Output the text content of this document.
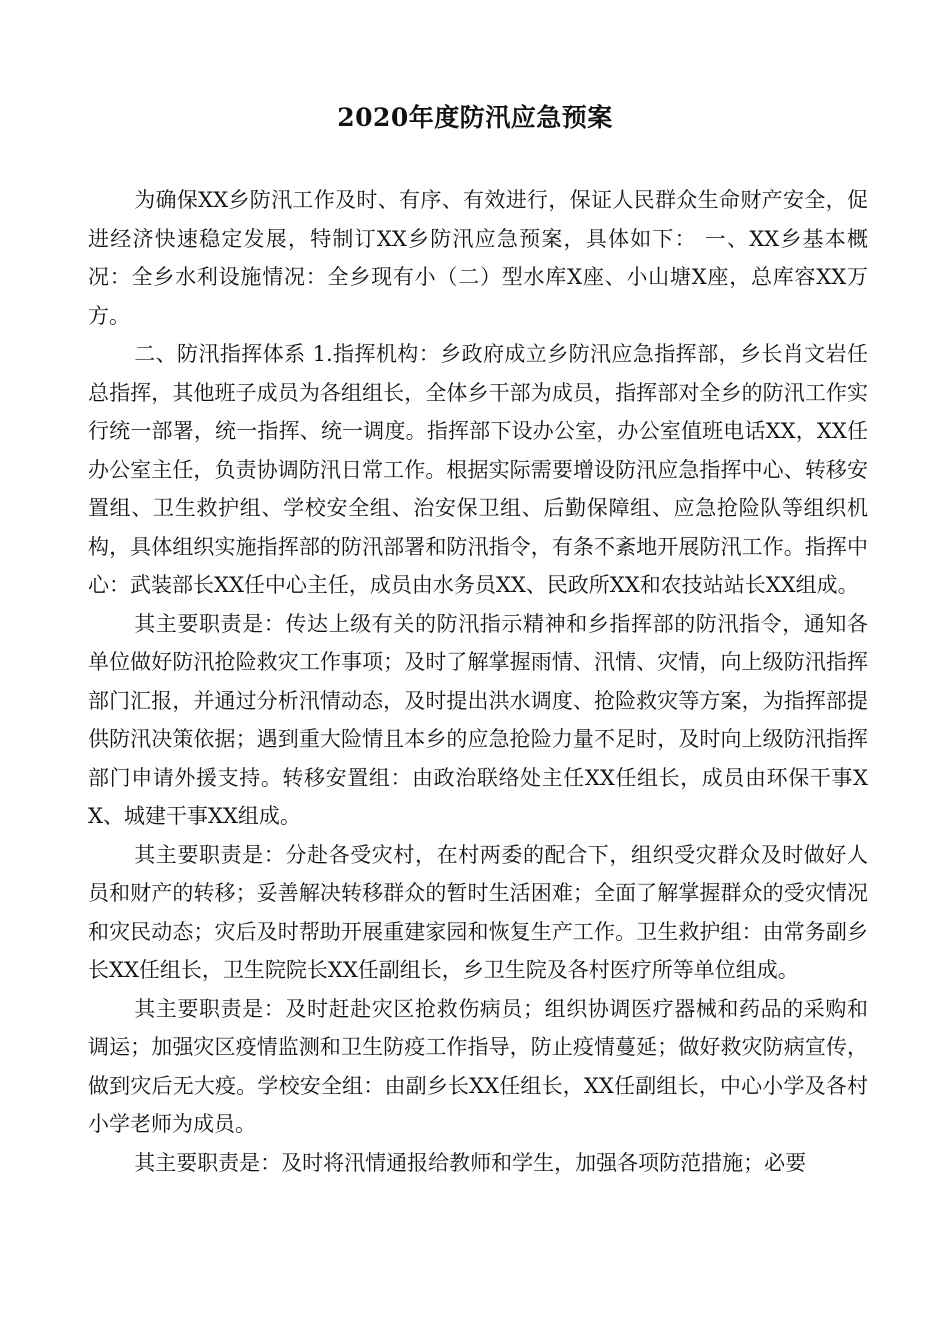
2020年度防汛应急预案

为确保XX乡防汛工作及时、有序、有效进行，保证人民群众生命财产安全，促进经济快速稳定发展，特制订XX乡防汛应急预案，具体如下： 一、XX乡基本概况：全乡水利设施情况：全乡现有小（二）型水库X座、小山塘X座，总库容XX万方。

二、防汛指挥体系 1.指挥机构：乡政府成立乡防汛应急指挥部，乡长肖文岩任总指挥，其他班子成员为各组组长，全体乡干部为成员，指挥部对全乡的防汛工作实行统一部署，统一指挥、统一调度。指挥部下设办公室，办公室值班电话XX，XX任办公室主任，负责协调防汛日常工作。根据实际需要增设防汛应急指挥中心、转移安置组、卫生救护组、学校安全组、治安保卫组、后勤保障组、应急抢险队等组织机构，具体组织实施指挥部的防汛部署和防汛指令，有条不紊地开展防汛工作。指挥中心：武装部长XX任中心主任，成员由水务员XX、民政所XX和农技站站长XX组成。

其主要职责是：传达上级有关的防汛指示精神和乡指挥部的防汛指令，通知各单位做好防汛抢险救灾工作事项；及时了解掌握雨情、汛情、灾情，向上级防汛指挥部门汇报，并通过分析汛情动态，及时提出洪水调度、抢险救灾等方案，为指挥部提供防汛决策依据；遇到重大险情且本乡的应急抢险力量不足时，及时向上级防汛指挥部门申请外援支持。转移安置组：由政治联络处主任XX任组长，成员由环保干事XX、城建干事XX组成。

其主要职责是：分赴各受灾村，在村两委的配合下，组织受灾群众及时做好人员和财产的转移；妥善解决转移群众的暂时生活困难；全面了解掌握群众的受灾情况和灾民动态；灾后及时帮助开展重建家园和恢复生产工作。卫生救护组：由常务副乡长XX任组长，卫生院院长XX任副组长，乡卫生院及各村医疗所等单位组成。

其主要职责是：及时赶赴灾区抢救伤病员；组织协调医疗器械和药品的采购和调运；加强灾区疫情监测和卫生防疫工作指导，防止疫情蔓延；做好救灾防病宣传，做到灾后无大疫。学校安全组：由副乡长XX任组长，XX任副组长，中心小学及各村小学老师为成员。

其主要职责是：及时将汛情通报给教师和学生，加强各项防范措施；必要
